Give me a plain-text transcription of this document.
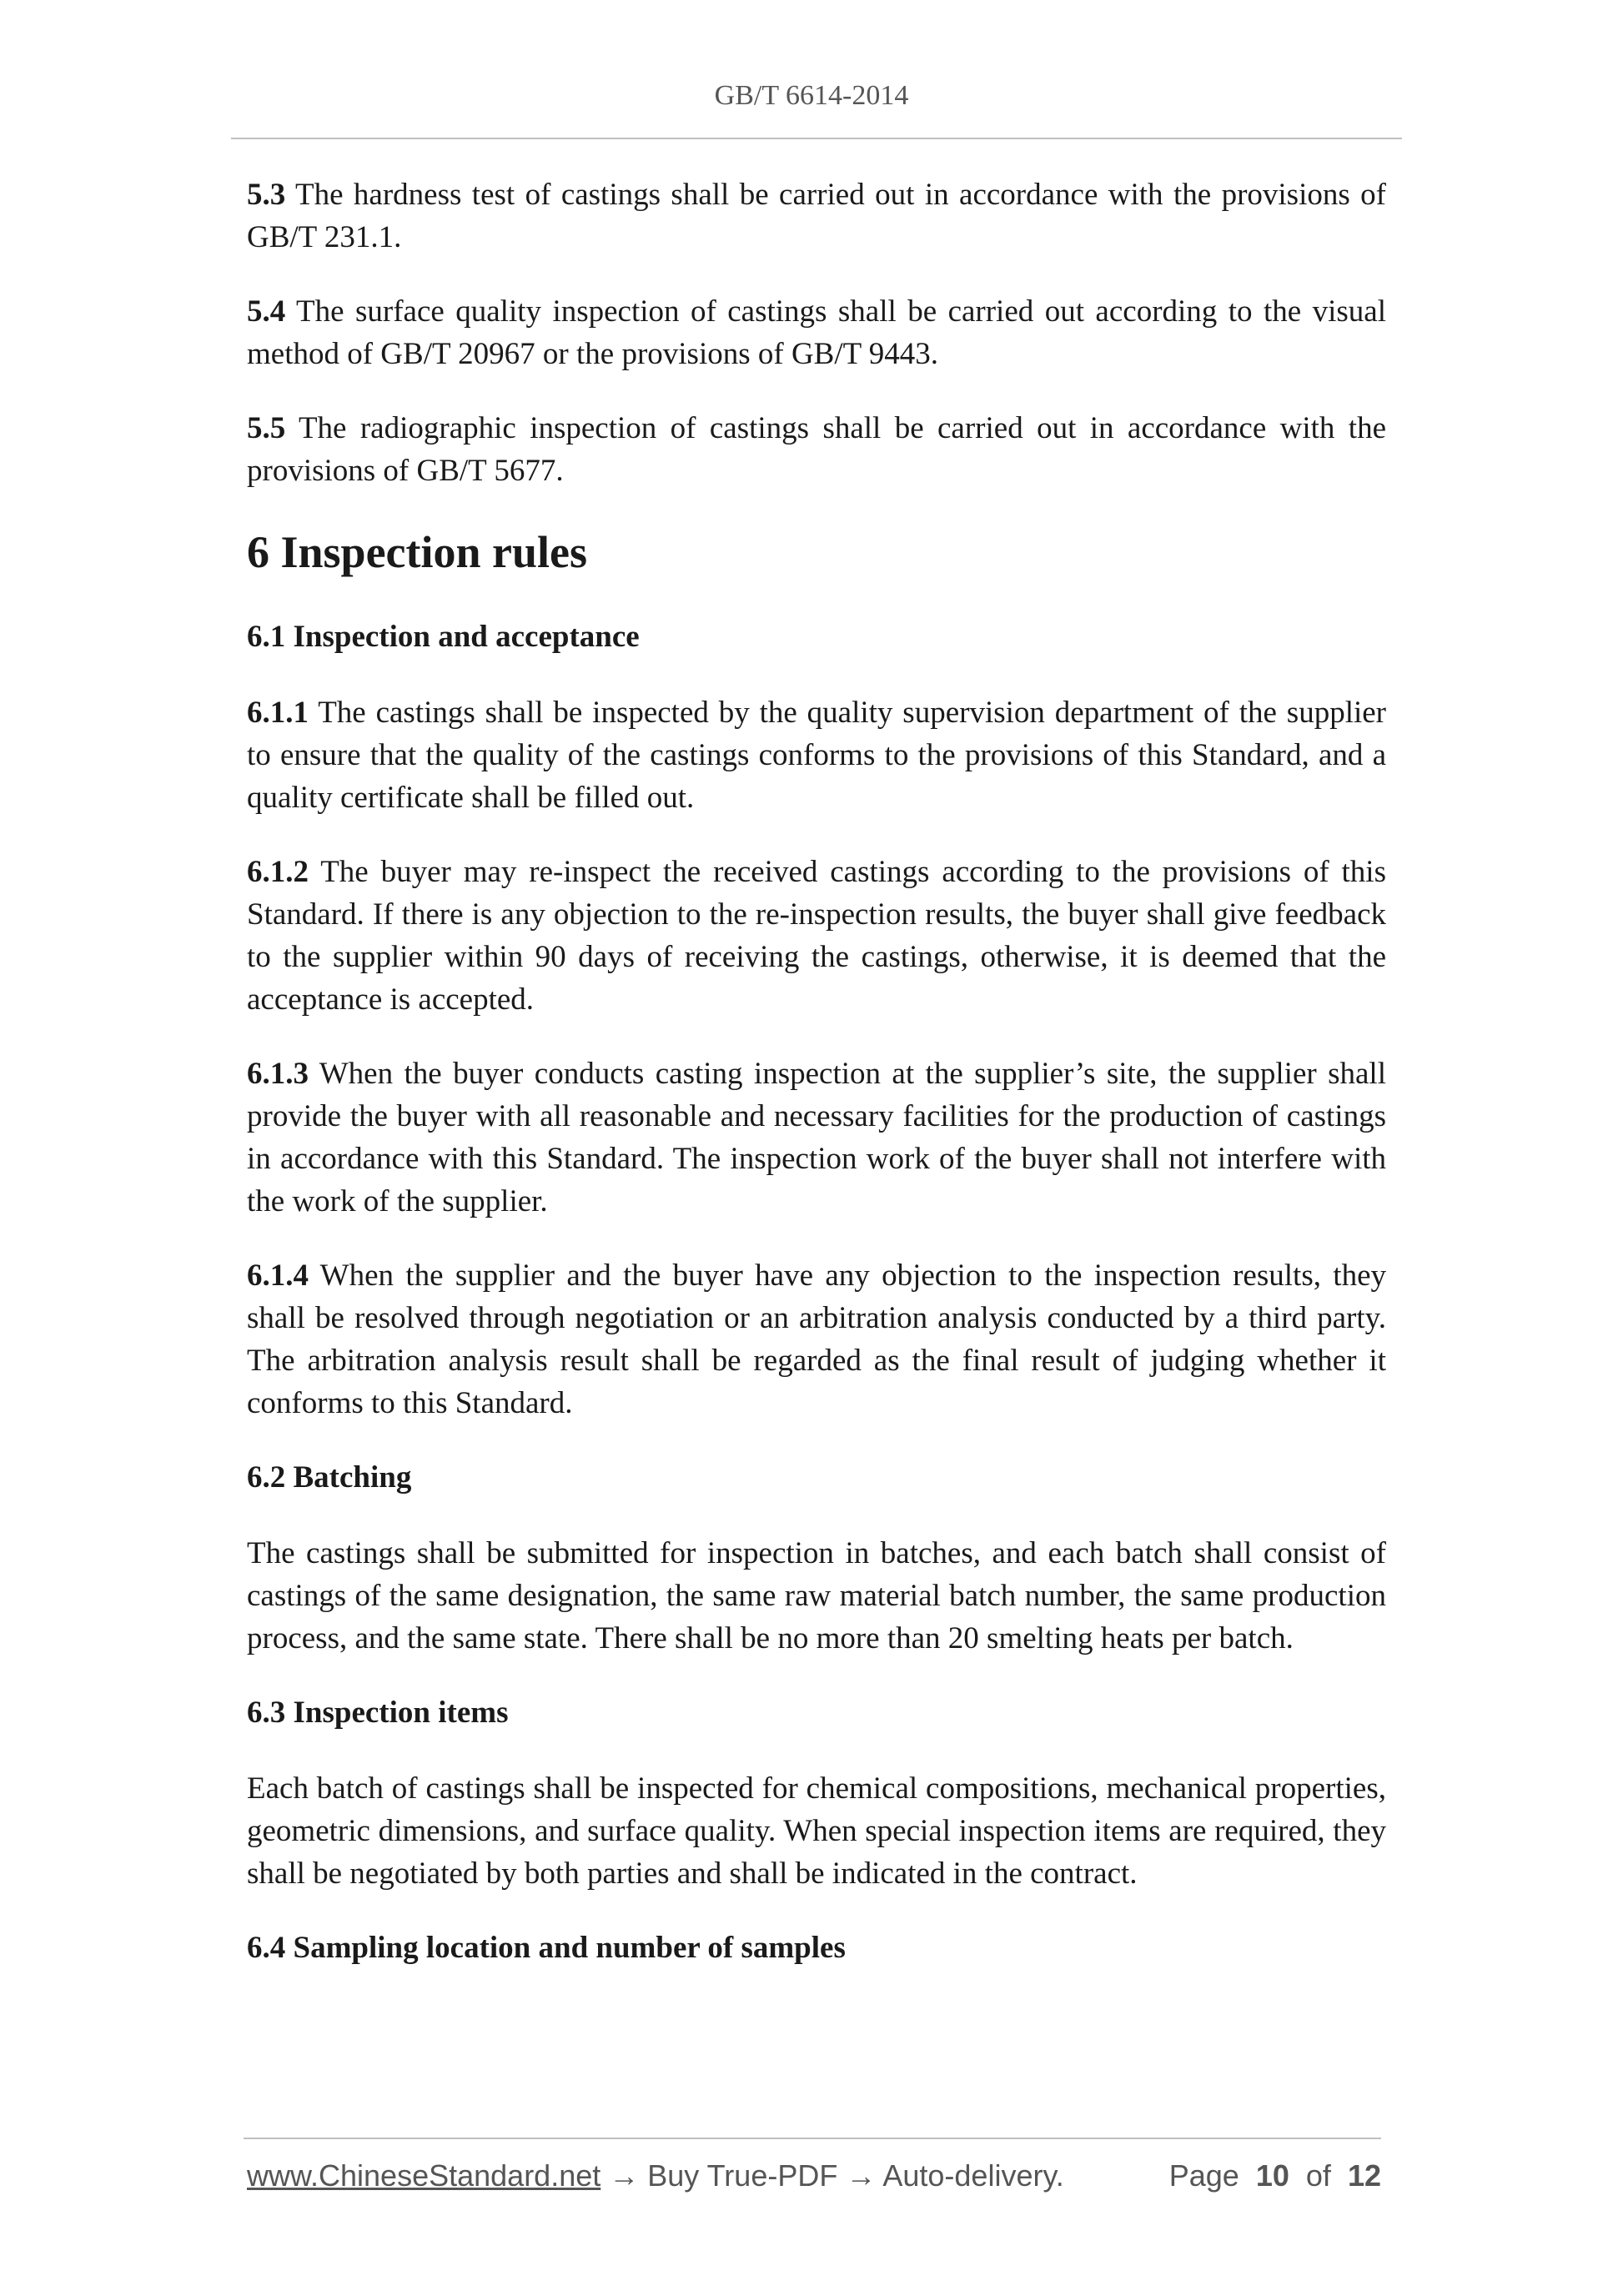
GB/T 6614-2014

5.3 The hardness test of castings shall be carried out in accordance with the provisions of GB/T 231.1.

5.4 The surface quality inspection of castings shall be carried out according to the visual method of GB/T 20967 or the provisions of GB/T 9443.

5.5 The radiographic inspection of castings shall be carried out in accordance with the provisions of GB/T 5677.

6 Inspection rules
6.1 Inspection and acceptance

6.1.1 The castings shall be inspected by the quality supervision department of the supplier to ensure that the quality of the castings conforms to the provisions of this Standard, and a quality certificate shall be filled out.

6.1.2 The buyer may re-inspect the received castings according to the provisions of this Standard. If there is any objection to the re-inspection results, the buyer shall give feedback to the supplier within 90 days of receiving the castings, otherwise, it is deemed that the acceptance is accepted.

6.1.3 When the buyer conducts casting inspection at the supplier’s site, the supplier shall provide the buyer with all reasonable and necessary facilities for the production of castings in accordance with this Standard. The inspection work of the buyer shall not interfere with the work of the supplier.

6.1.4 When the supplier and the buyer have any objection to the inspection results, they shall be resolved through negotiation or an arbitration analysis conducted by a third party. The arbitration analysis result shall be regarded as the final result of judging whether it conforms to this Standard.

6.2 Batching

The castings shall be submitted for inspection in batches, and each batch shall consist of castings of the same designation, the same raw material batch number, the same production process, and the same state. There shall be no more than 20 smelting heats per batch.

6.3 Inspection items

Each batch of castings shall be inspected for chemical compositions, mechanical properties, geometric dimensions, and surface quality. When special inspection items are required, they shall be negotiated by both parties and shall be indicated in the contract.

6.4 Sampling location and number of samples
www.ChineseStandard.net → Buy True-PDF → Auto-delivery.	Page 10 of 12
